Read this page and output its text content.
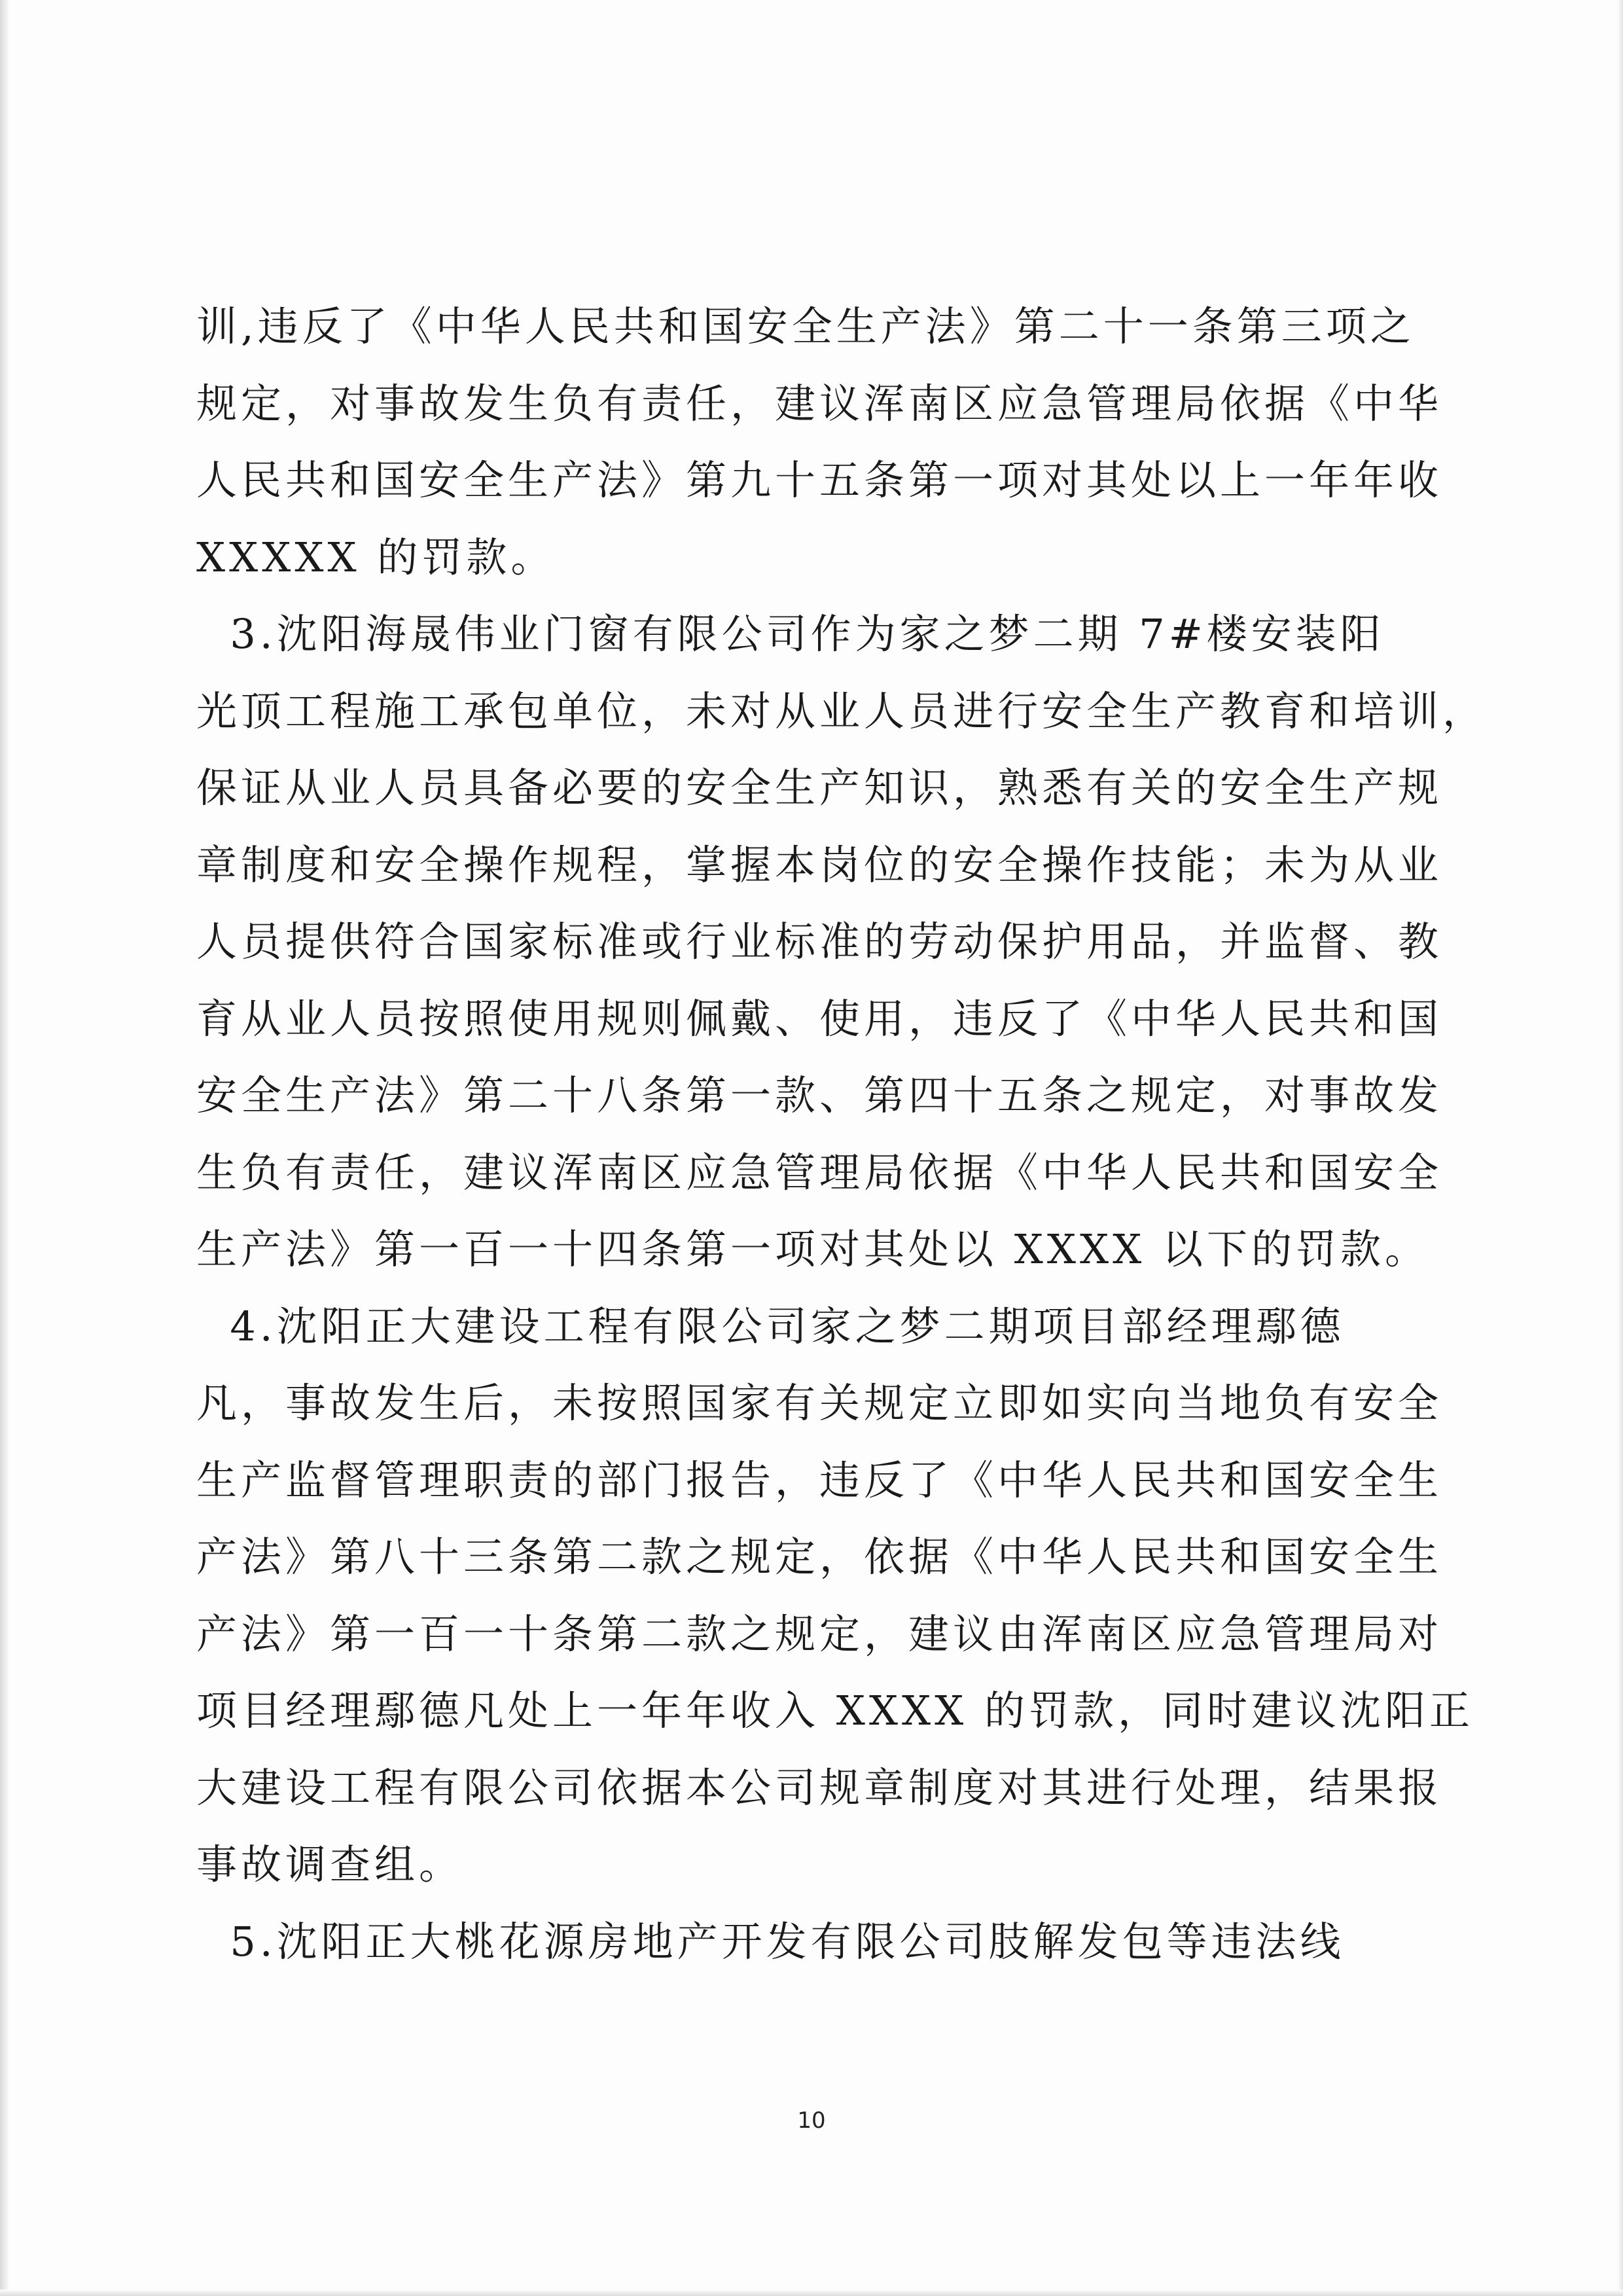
训,违反了《中华人民共和国安全生产法》第二十一条第三项之
规定，对事故发生负有责任，建议浑南区应急管理局依据《中华
人民共和国安全生产法》第九十五条第一项对其处以上一年年收
XXXXX 的罚款。
3.沈阳海晟伟业门窗有限公司作为家之梦二期 7#楼安装阳
光顶工程施工承包单位，未对从业人员进行安全生产教育和培训，
保证从业人员具备必要的安全生产知识，熟悉有关的安全生产规
章制度和安全操作规程，掌握本岗位的安全操作技能；未为从业
人员提供符合国家标准或行业标准的劳动保护用品，并监督、教
育从业人员按照使用规则佩戴、使用，违反了《中华人民共和国
安全生产法》第二十八条第一款、第四十五条之规定，对事故发
生负有责任，建议浑南区应急管理局依据《中华人民共和国安全
生产法》第一百一十四条第一项对其处以 XXXX 以下的罚款。
4.沈阳正大建设工程有限公司家之梦二期项目部经理鄢德
凡，事故发生后，未按照国家有关规定立即如实向当地负有安全
生产监督管理职责的部门报告，违反了《中华人民共和国安全生
产法》第八十三条第二款之规定，依据《中华人民共和国安全生
产法》第一百一十条第二款之规定，建议由浑南区应急管理局对
项目经理鄢德凡处上一年年收入 XXXX 的罚款，同时建议沈阳正
大建设工程有限公司依据本公司规章制度对其进行处理，结果报
事故调查组。
5.沈阳正大桃花源房地产开发有限公司肢解发包等违法线
10
